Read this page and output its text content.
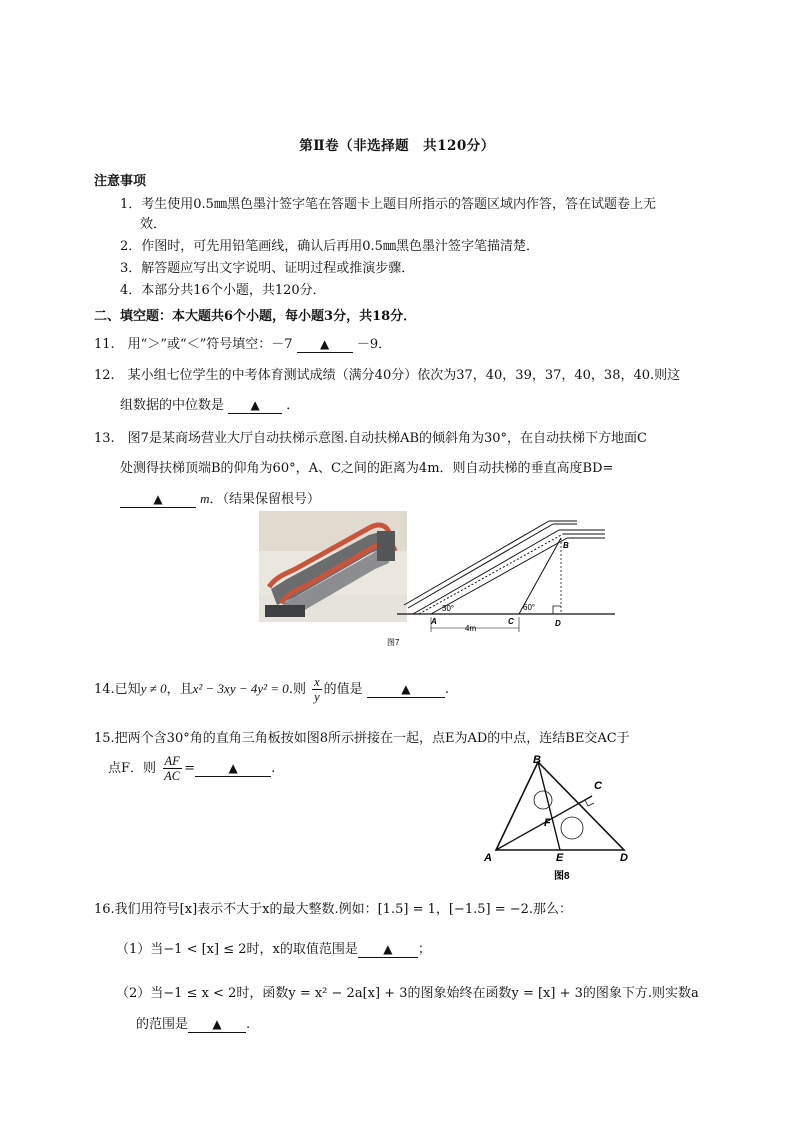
第Ⅱ卷（非选择题　共120分）
注意事项
1．考生使用0.5㎜黑色墨汁签字笔在答题卡上题目所指示的答题区域内作答，答在试题卷上无
效．
2．作图时，可先用铅笔画线，确认后再用0.5㎜黑色墨汁签字笔描清楚．
3．解答题应写出文字说明、证明过程或推演步骤．
4．本部分共16个小题，共120分．
二、填空题：本大题共6个小题，每小题3分，共18分．
11.　用“＞”或“＜”符号填空：－7 ▲ －9．
12.　某小组七位学生的中考体育测试成绩（满分40分）依次为37，40，39，37，40，38，40.则这
组数据的中位数是 ▲ ．
13.　图7是某商场营业大厅自动扶梯示意图.自动扶梯AB的倾斜角为30°，在自动扶梯下方地面C
处测得扶梯顶端B的仰角为60°，A、C之间的距离为4m．则自动扶梯的垂直高度BD=
▲	m．（结果保留根号）
30°	60°
4m
A	C	D
B
图7
14.已知y ≠ 0，且x² − 3xy − 4y² = 0.则 $\frac{x}{y}$ 的值是	▲	.
15.把两个含30°角的直角三角板按如图8所示拼接在一起，点E为AD的中点，连结BE交AC于
点F．则 $\frac{AF}{AC}$ =	▲	.
A
B
C
D
E
F
图8
16.我们用符号[x]表示不大于x的最大整数.例如：[1.5] = 1，[−1.5] = −2.那么：
（1）当−1 < [x] ≤ 2时，x的取值范围是 ▲ ；
（2）当−1 ≤ x < 2时，函数y = x² − 2a[x] + 3的图象始终在函数y = [x] + 3的图象下方.则实数a
的范围是 ▲ .
